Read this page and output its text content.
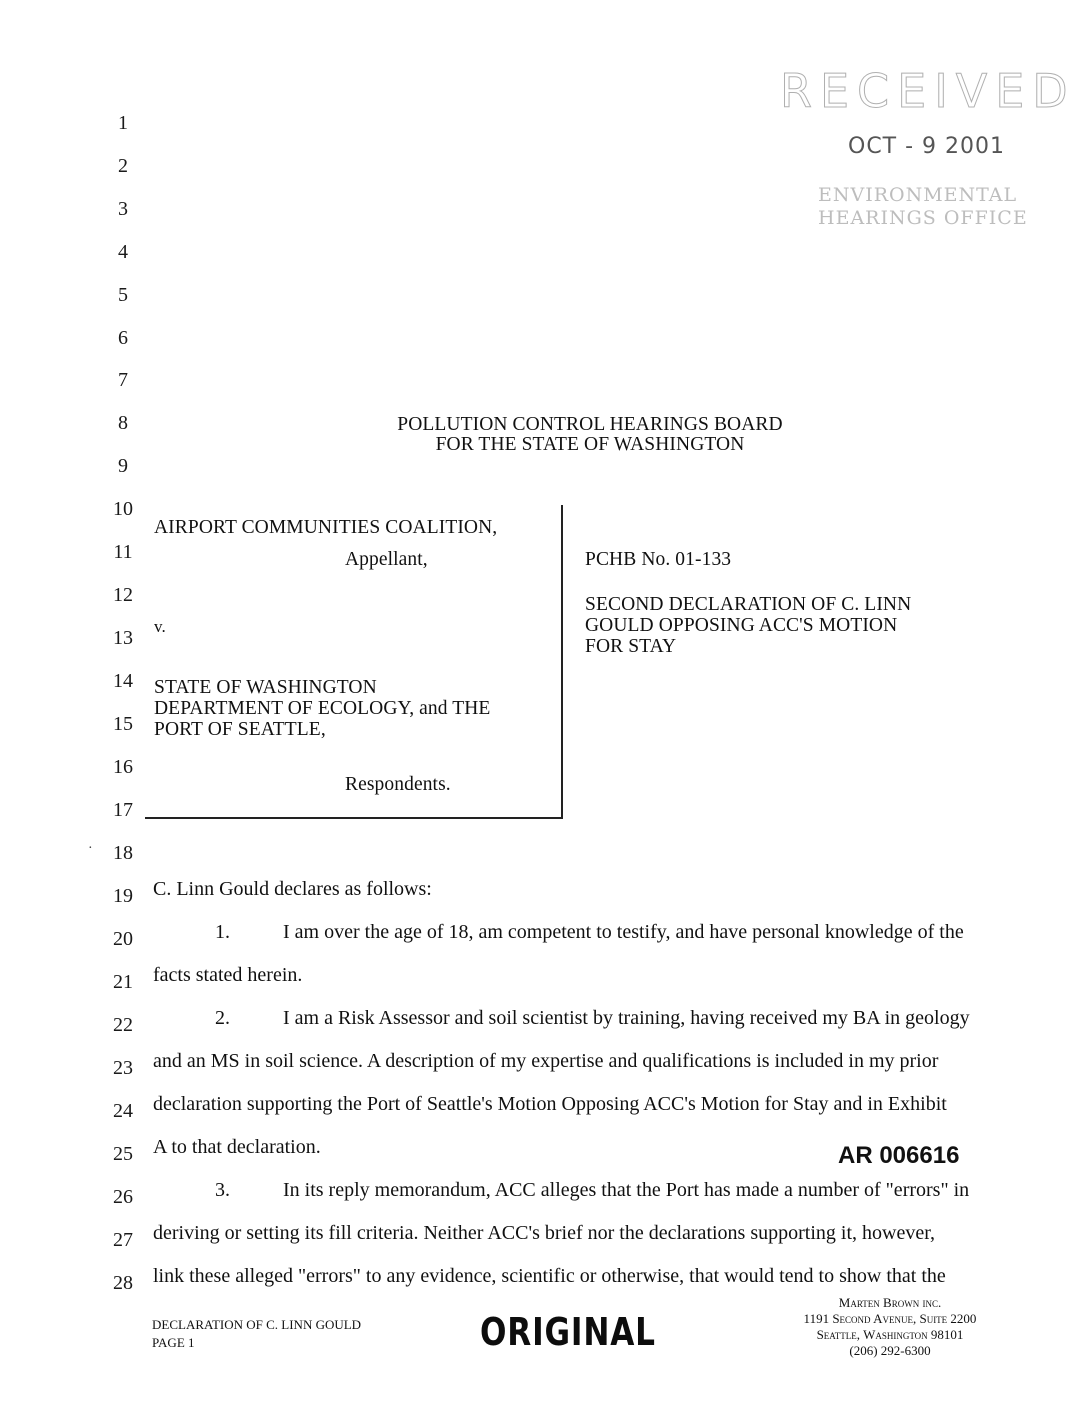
RECEIVED
OCT - 9 2001
ENVIRONMENTAL
HEARINGS OFFICE
1
2
3
4
5
6
7
8
9
10
11
12
13
14
15
16
17
18
19
20
21
22
23
24
25
26
27
28
·
POLLUTION CONTROL HEARINGS BOARD
FOR THE STATE OF WASHINGTON
AIRPORT COMMUNITIES COALITION,
Appellant,
v.
STATE OF WASHINGTON
DEPARTMENT OF ECOLOGY, and THE
PORT OF SEATTLE,
Respondents.
PCHB No. 01-133
SECOND DECLARATION OF C. LINN
GOULD OPPOSING ACC'S MOTION
FOR STAY
C. Linn Gould declares as follows:
1.	I am over the age of 18, am competent to testify, and have personal knowledge of the
facts stated herein.
2.	I am a Risk Assessor and soil scientist by training, having received my BA in geology
and an MS in soil science. A description of my expertise and qualifications is included in my prior
declaration supporting the Port of Seattle's Motion Opposing ACC's Motion for Stay and in Exhibit
A to that declaration.
3.	In its reply memorandum, ACC alleges that the Port has made a number of "errors" in
deriving or setting its fill criteria. Neither ACC's brief nor the declarations supporting it, however,
link these alleged "errors" to any evidence, scientific or otherwise, that would tend to show that the
AR 006616
DECLARATION OF C. LINN GOULD
PAGE 1	ORIGINAL
Marten Brown inc.
1191 Second Avenue, Suite 2200
Seattle, Washington 98101
(206) 292-6300
